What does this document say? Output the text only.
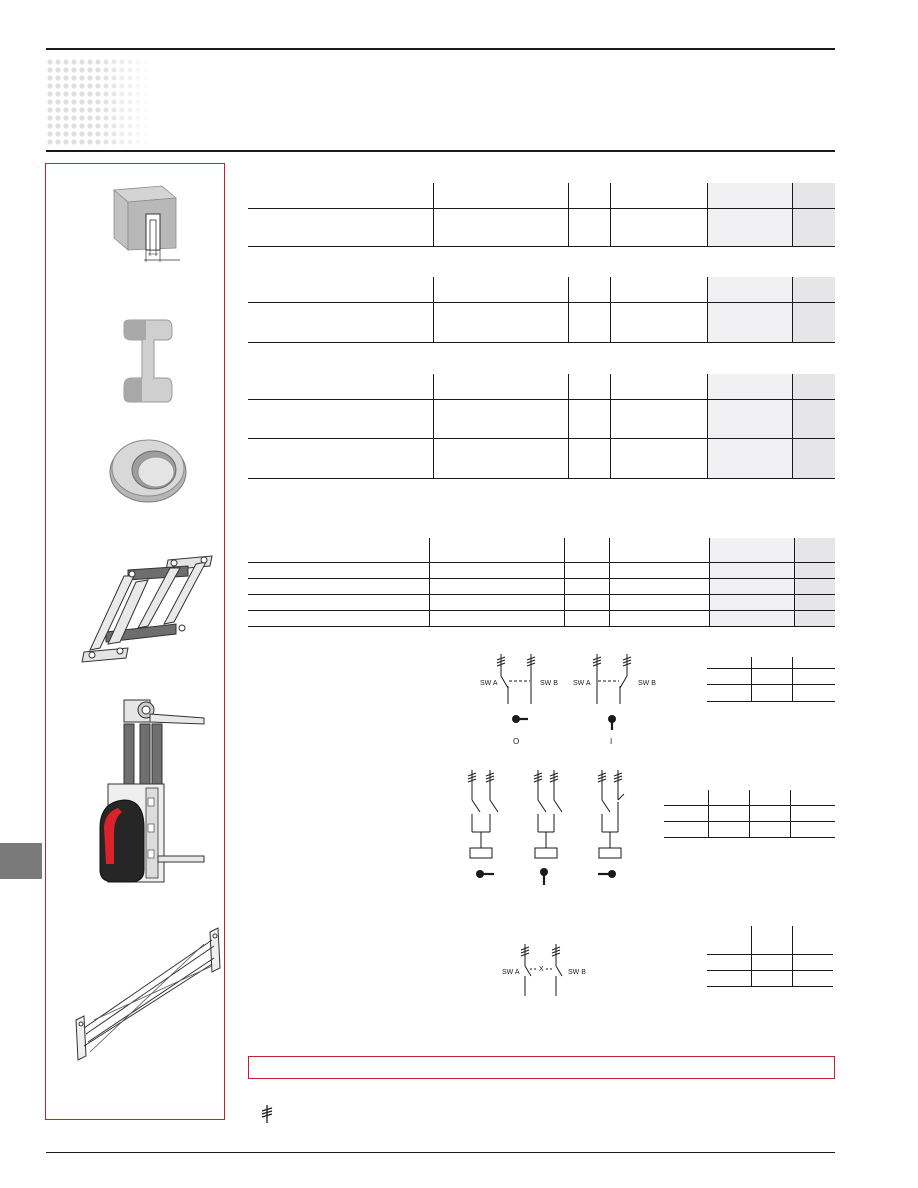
SW A	SW B SW A	SW B
O	I
SW A	X	SW B
